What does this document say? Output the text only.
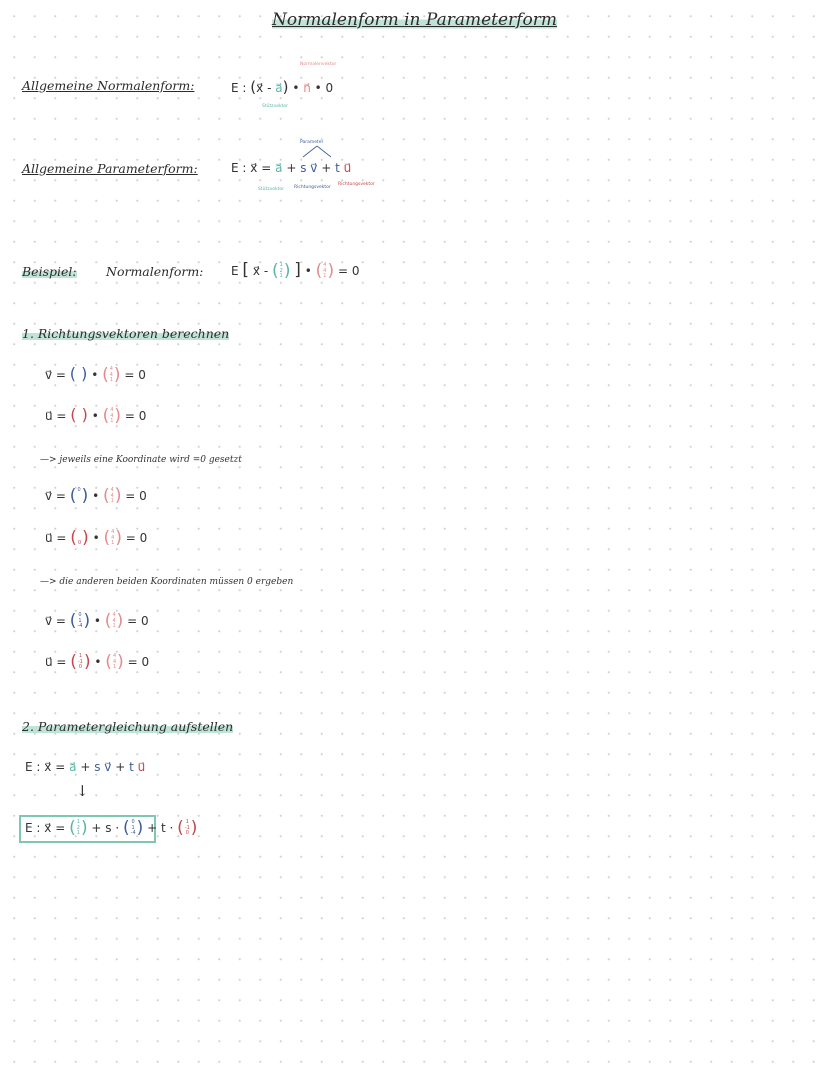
Normalenform in Parameterform
Allgemeine Normalenform:	E : (x⃗ - a⃗) • n⃗ • 0
Normalenvektor
Stützvektor
Allgemeine Parameterform:
Parameter
E : x⃗ = a⃗ + s v⃗ + t u⃗
Stützvektor Richtungsvektor
Richtungsvektor
Beispiel: Normalenform: E [ x⃗ - ( 1
2
1 ) ] • ( 4
4
1 ) = 0
1. Richtungsvektoren berechnen
v⃗ = ( ) • ( 4
4
1 ) = 0
u⃗ = ( ) • ( 4
4
1 ) = 0
—> jeweils eine Koordinate wird =0 gesetzt
v⃗ = ( 0

) • ( 4
4
1 ) = 0
u⃗ = (

0 ) • ( 4
4
1 ) = 0
—> die anderen beiden Koordinaten müssen 0 ergeben
v⃗ = ( 0
1
-4 ) • ( 4
4
1 ) = 0
u⃗ = ( 1
-1
0 ) • ( 4
4
1 ) = 0
2. Parametergleichung aufstellen
E : x⃗ = a⃗ + s v⃗ + t u⃗
↓
E : x⃗ = ( 1
2
1 ) + s · ( 0
1
-4 ) + t · ( 1
-1
0 )
